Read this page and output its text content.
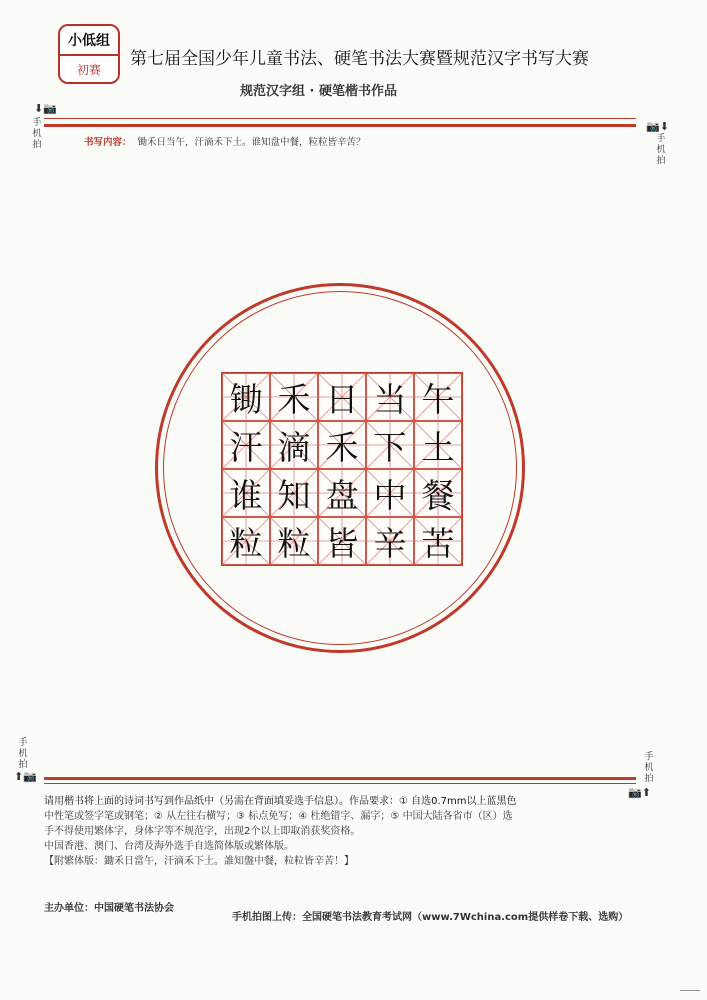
小低组
初赛
第七届全国少年儿童书法、硬笔书法大赛暨规范汉字书写大赛
规范汉字组 · 硬笔楷书作品
⬇📷
手机拍
📷⬇
手机拍
书写内容： 锄禾日当午，汗滴禾下土。谁知盘中餐，粒粒皆辛苦？
锄 禾 日 当 午
汗 滴 禾 下 土
谁 知 盘 中 餐
粒 粒 皆 辛 苦
手机拍
⬆📷
手机拍
📷⬆

请用楷书将上面的诗词书写到作品纸中（另需在背面填妥选手信息）。作品要求：① 自选0.7mm以上蓝黑色

中性笔或签字笔或钢笔；② 从左往右横写；③ 标点免写；④ 杜绝错字、漏字；⑤ 中国大陆各省市（区）选

手不得使用繁体字，身体字等不规范字，出现2个以上即取消获奖资格。

中国香港、澳门、台湾及海外选手自选简体版或繁体版。

【附繁体版：鋤禾日當午，汗滴禾下土。誰知盤中餐，粒粒皆辛苦！】

主办单位：中国硬笔书法协会
手机拍图上传：全国硬笔书法教育考试网（www.7Wchina.com提供样卷下载、选购）
